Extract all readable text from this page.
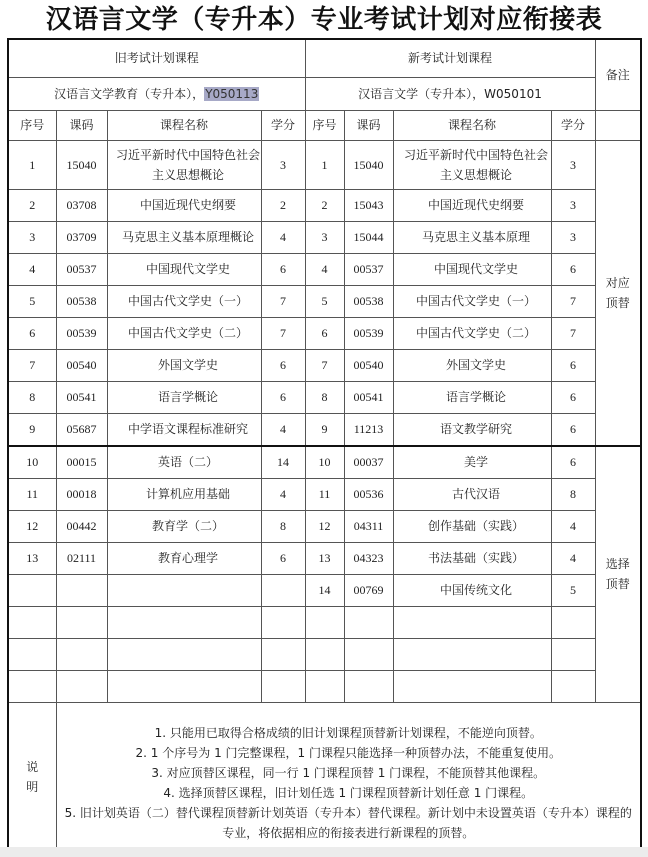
汉语言文学（专升本）专业考试计划对应衔接表
旧考试计划课程				新考试计划课程				备注
汉语言文学教育（专升本），Y050113				汉语言文学（专升本），W050101				
序号	课码	课程名称	学分	序号	课码	课程名称	学分	
1	15040	习近平新时代中国特色社会主义思想概论	3	1	15040	习近平新时代中国特色社会主义思想概论	3	对应
顶替

2	03708	中国近现代史纲要	2	2	15043	中国近现代史纲要	3	
3	03709	马克思主义基本原理概论	4	3	15044	马克思主义基本原理	3	
4	00537	中国现代文学史	6	4	00537	中国现代文学史	6	
5	00538	中国古代文学史（一）	7	5	00538	中国古代文学史（一）	7	
6	00539	中国古代文学史（二）	7	6	00539	中国古代文学史（二）	7	
7	00540	外国文学史	6	7	00540	外国文学史	6	
8	00541	语言学概论	6	8	00541	语言学概论	6	
9	05687	中学语文课程标准研究	4	9	11213	语文教学研究	6	
10	00015	英语（二）	14	10	00037	美学	6	选择
顶替

11	00018	计算机应用基础	4	11	00536	古代汉语	8	
12	00442	教育学（二）	8	12	04311	创作基础（实践）	4	
13	02111	教育心理学	6	13	04323	书法基础（实践）	4	
				14	00769	中国传统文化	5	

说
明

1. 只能用已取得合格成绩的旧计划课程顶替新计划课程，不能逆向顶替。
2. 1 个序号为 1 门完整课程，1 门课程只能选择一种顶替办法，不能重复使用。
3. 对应顶替区课程，同一行 1 门课程顶替 1 门课程，不能顶替其他课程。
4. 选择顶替区课程，旧计划任选 1 门课程顶替新计划任意 1 门课程。
5. 旧计划英语（二）替代课程顶替新计划英语（专升本）替代课程。新计划中未设置英语（专升本）课程的专业，将依据相应的衔接表进行新课程的顶替。
